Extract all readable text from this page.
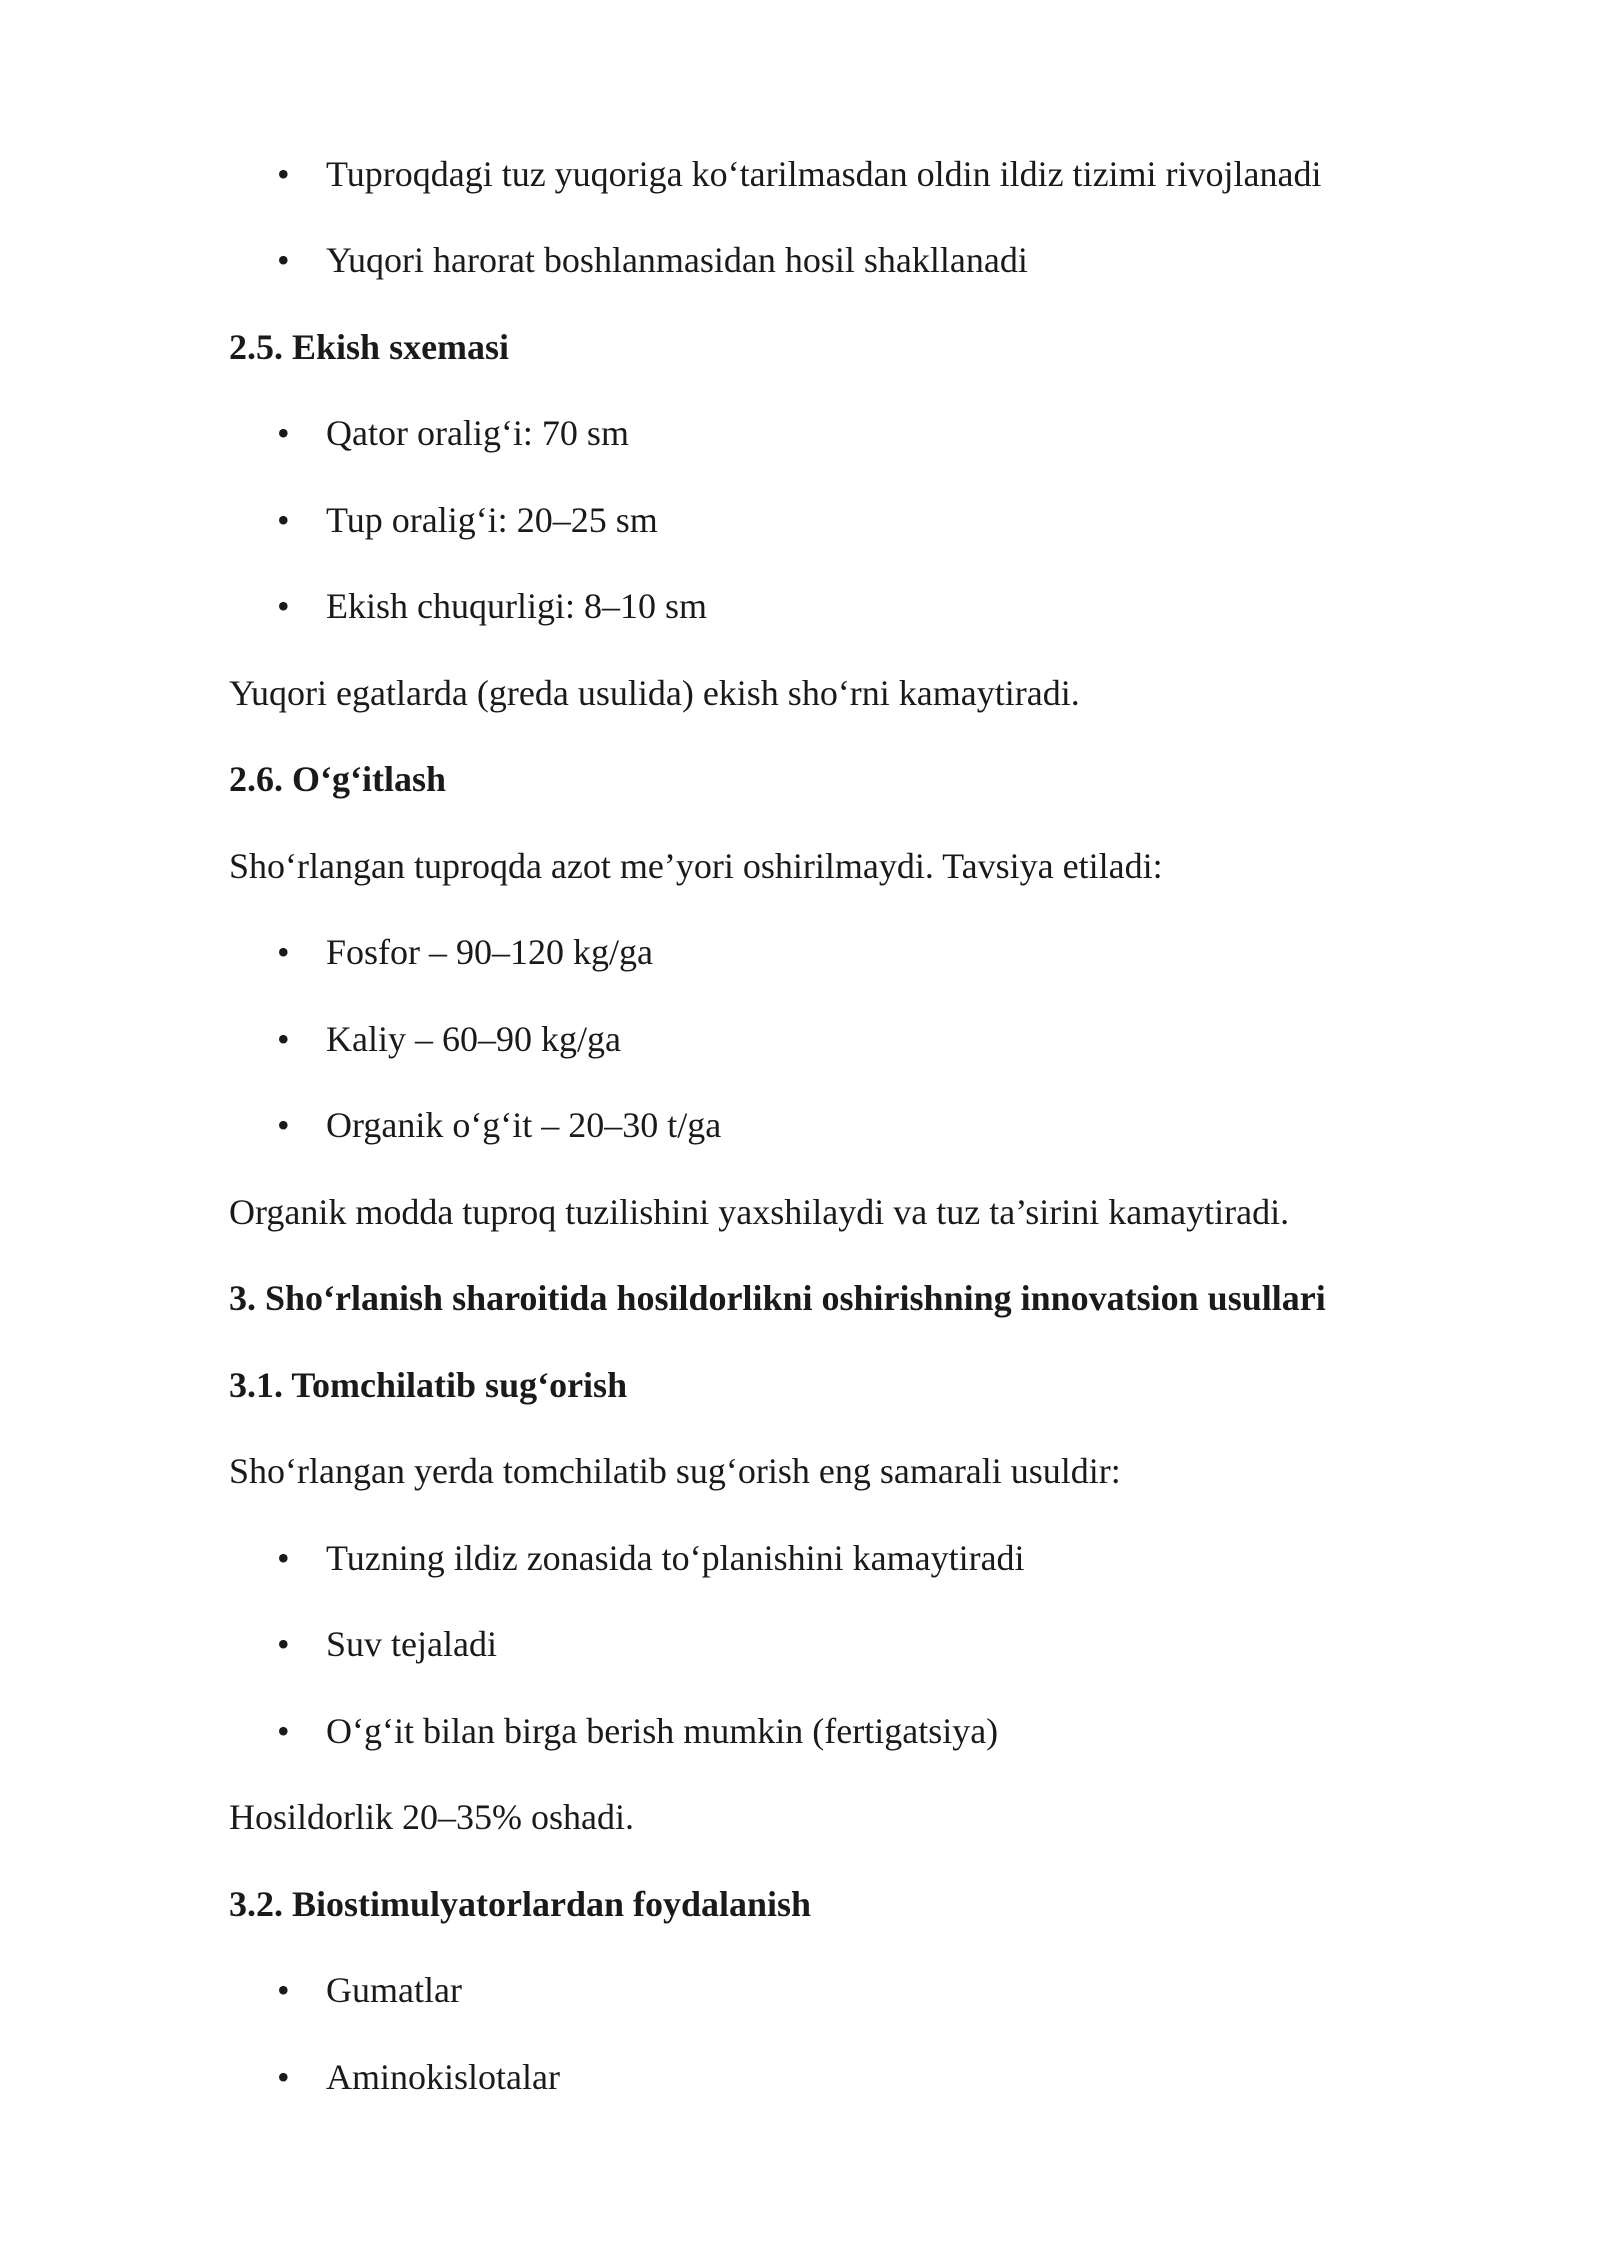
• Tuproqdagi tuz yuqoriga ko‘tarilmasdan oldin ildiz tizimi rivojlanadi
• Yuqori harorat boshlanmasidan hosil shakllanadi
2.5. Ekish sxemasi
• Qator oralig‘i: 70 sm
• Tup oralig‘i: 20–25 sm
• Ekish chuqurligi: 8–10 sm
Yuqori egatlarda (greda usulida) ekish sho‘rni kamaytiradi.
2.6. O‘g‘itlash
Sho‘rlangan tuproqda azot me’yori oshirilmaydi. Tavsiya etiladi:
• Fosfor – 90–120 kg/ga
• Kaliy – 60–90 kg/ga
• Organik o‘g‘it – 20–30 t/ga
Organik modda tuproq tuzilishini yaxshilaydi va tuz ta’sirini kamaytiradi.
3. Sho‘rlanish sharoitida hosildorlikni oshirishning innovatsion usullari
3.1. Tomchilatib sug‘orish
Sho‘rlangan yerda tomchilatib sug‘orish eng samarali usuldir:
• Tuzning ildiz zonasida to‘planishini kamaytiradi
• Suv tejaladi
• O‘g‘it bilan birga berish mumkin (fertigatsiya)
Hosildorlik 20–35% oshadi.
3.2. Biostimulyatorlardan foydalanish
• Gumatlar
• Aminokislotalar
